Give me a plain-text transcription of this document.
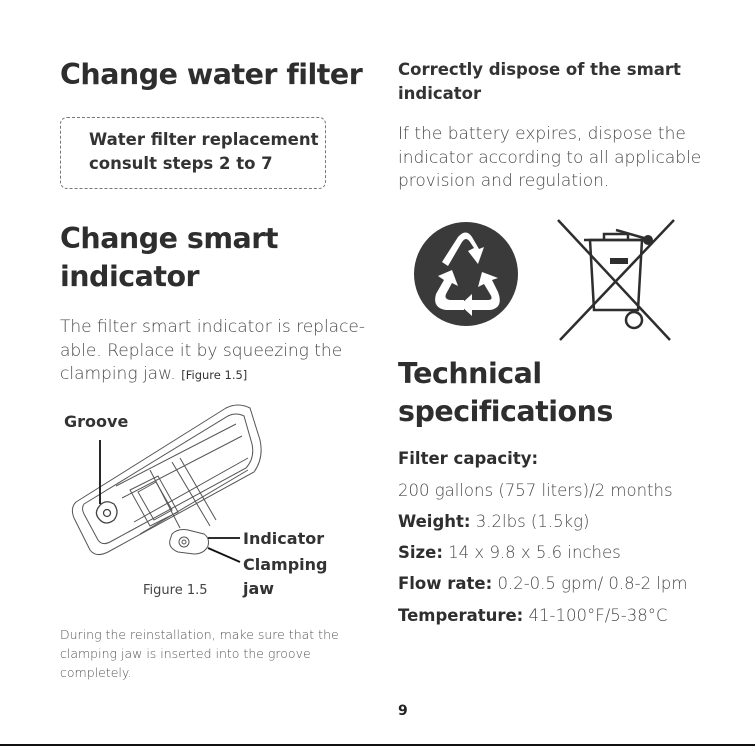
Change water filter
Water filter replacement
consult steps 2 to 7
Change smart
indicator
The filter smart indicator is replace-
able. Replace it by squeezing the
clamping jaw. [Figure 1.5]
Groove
Indicator
Clamping
jaw
Figure 1.5
During the reinstallation, make sure that the
clamping jaw is inserted into the groove
completely.
Correctly dispose of the smart
indicator
If the battery expires, dispose the
indicator according to all applicable
provision and regulation.
Technical
specifications
Filter capacity:
200 gallons (757 liters)/2 months
Weight: 3.2lbs (1.5kg)
Size: 14 x 9.8 x 5.6 inches
Flow rate: 0.2-0.5 gpm/ 0.8-2 lpm
Temperature: 41-100°F/5-38°C
9
